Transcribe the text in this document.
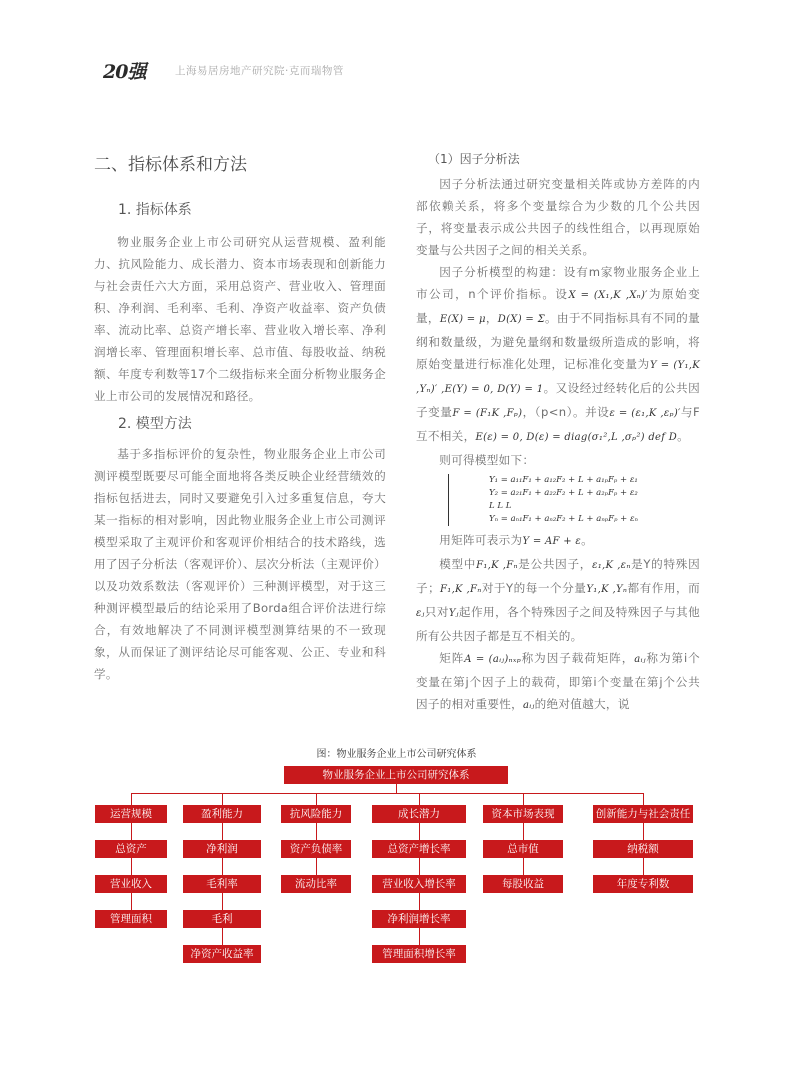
20强	上海易居房地产研究院·克而瑞物管
二、指标体系和方法
1. 指标体系

物业服务企业上市公司研究从运营规模、盈利能力、抗风险能力、成长潜力、资本市场表现和创新能力与社会责任六大方面，采用总资产、营业收入、管理面积、净利润、毛利率、毛利、净资产收益率、资产负债率、流动比率、总资产增长率、营业收入增长率、净利润增长率、管理面积增长率、总市值、每股收益、纳税额、年度专利数等17个二级指标来全面分析物业服务企业上市公司的发展情况和路径。

2. 模型方法

基于多指标评价的复杂性，物业服务企业上市公司测评模型既要尽可能全面地将各类反映企业经营绩效的指标包括进去，同时又要避免引入过多重复信息，夸大某一指标的相对影响，因此物业服务企业上市公司测评模型采取了主观评价和客观评价相结合的技术路线，选用了因子分析法（客观评价）、层次分析法（主观评价）以及功效系数法（客观评价）三种测评模型，对于这三种测评模型最后的结论采用了Borda组合评价法进行综合，有效地解决了不同测评模型测算结果的不一致现象，从而保证了测评结论尽可能客观、公正、专业和科学。

（1）因子分析法

因子分析法通过研究变量相关阵或协方差阵的内部依赖关系，将多个变量综合为少数的几个公共因子，将变量表示成公共因子的线性组合，以再现原始变量与公共因子之间的相关关系。

因子分析模型的构建：设有m家物业服务企业上市公司，n个评价指标。设X = (X₁,K ,Xₙ)′为原始变量，E(X) = μ，D(X) = Σ。由于不同指标具有不同的量纲和数量级，为避免量纲和数量级所造成的影响，将原始变量进行标准化处理，记标准化变量为Y = (Y₁,K ,Yₙ)′ ,E(Y) = 0, D(Y) = 1。又设经过经转化后的公共因子变量F = (F₁K ,Fₚ)，（p<n）。并设ε = (ε₁,K ,εₚ)′与F互不相关，E(ε) = 0, D(ε) = diag(σ₁²,L ,σₚ²) def D。

则可得模型如下：

Y₁ = a₁₁F₁ + a₁₂F₂ + L + a₁ₚFₚ + ε₁
Y₂ = a₂₁F₁ + a₂₂F₂ + L + a₂ₚFₚ + ε₂
L L L
Yₙ = aₙ₁F₁ + aₙ₂F₂ + L + aₙₚFₚ + εₙ

用矩阵可表示为Y = AF + ε。

模型中F₁,K ,Fₙ是公共因子，ε₁,K ,εₙ是Y的特殊因子；F₁,K ,Fₙ对于Y的每一个分量Y₁,K ,Yₙ都有作用，而εⱼ只对Yⱼ起作用，各个特殊因子之间及特殊因子与其他所有公共因子都是互不相关的。

矩阵A = (aᵢⱼ)ₙₓₚ称为因子载荷矩阵，aᵢⱼ称为第i个变量在第j个因子上的载荷，即第i个变量在第j个公共因子的相对重要性，aᵢⱼ的绝对值越大，说

图：物业服务企业上市公司研究体系
物业服务企业上市公司研究体系
运营规模
总资产
营业收入
管理面积
盈利能力
净利润
毛利率
毛利
净资产收益率
抗风险能力
资产负债率
流动比率
成长潜力
总资产增长率
营业收入增长率
净利润增长率
管理面积增长率
资本市场表现
总市值
每股收益
创新能力与社会责任
纳税额
年度专利数
